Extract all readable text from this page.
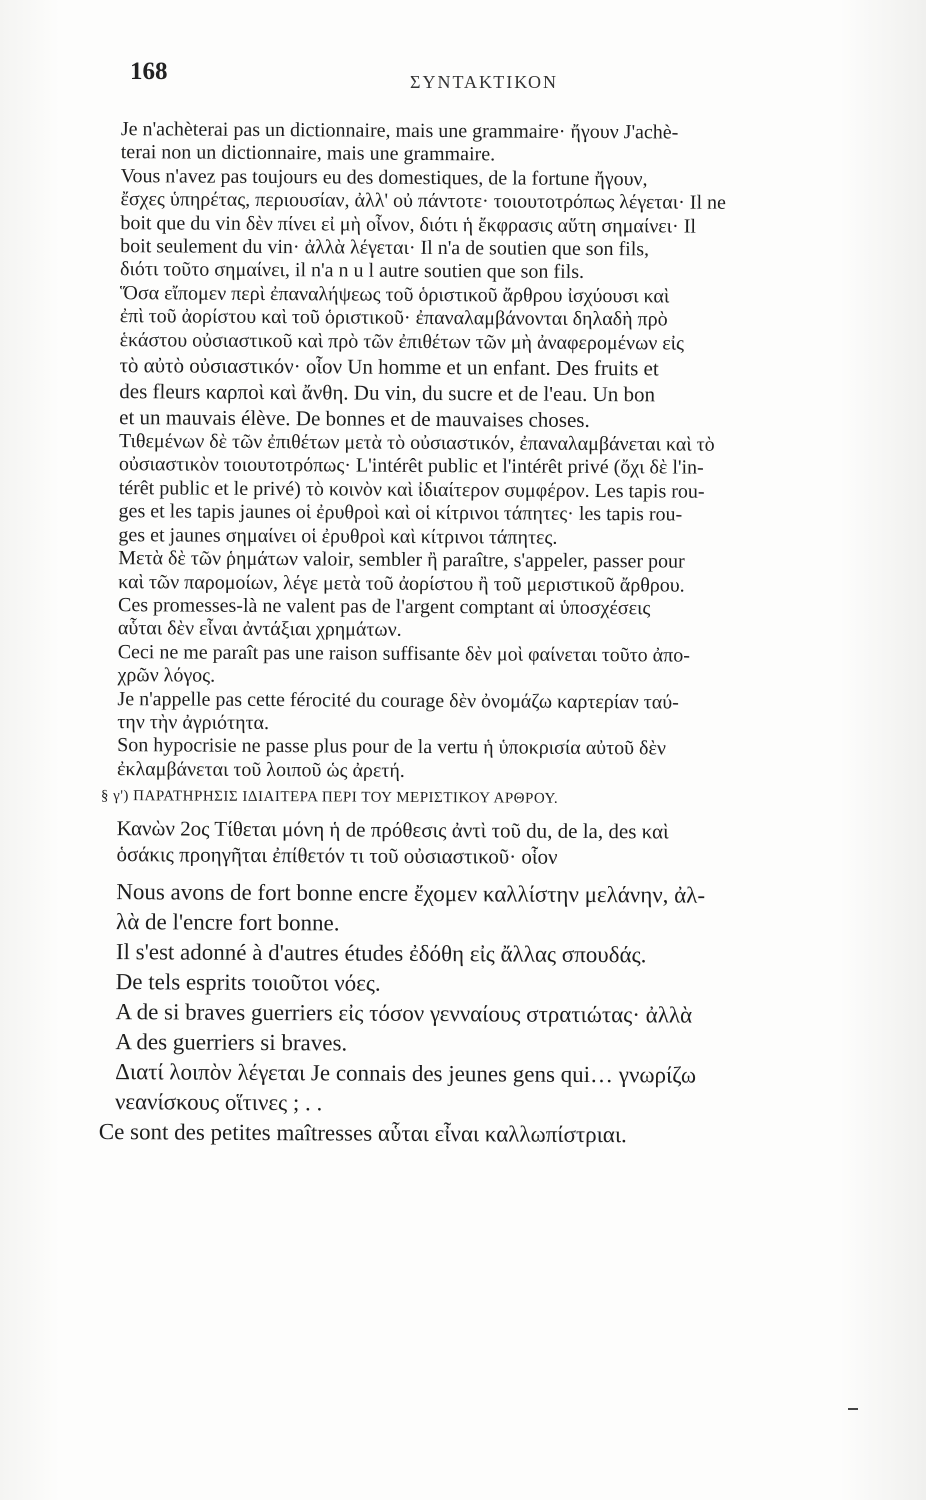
168	ΣΥΝΤΑΚΤΙΚΟΝ

Je n'achèterai pas un dictionnaire, mais une grammaire· ἤγουν J'achè-
terai non un dictionnaire, mais une grammaire.

Vous n'avez pas toujours eu des domestiques, de la fortune ἤγουν,
ἔσχες ὑπηρέτας, περιουσίαν, ἀλλ' οὐ πάντοτε· τοιουτοτρόπως λέγεται· Il ne
boit que du vin δὲν πίνει εἰ μὴ οἶνον, διότι ἡ ἔκφρασις αὕτη σημαίνει· Il
boit seulement du vin· ἀλλὰ λέγεται· Il n'a de soutien que son fils,
διότι τοῦτο σημαίνει, il n'a n u l autre soutien que son fils.

Ὅσα εἴπομεν περὶ ἐπαναλήψεως τοῦ ὁριστικοῦ ἄρθρου ἰσχύουσι καὶ
ἐπὶ τοῦ ἀορίστου καὶ τοῦ ὁριστικοῦ· ἐπαναλαμβάνονται δηλαδὴ πρὸ
ἑκάστου οὐσιαστικοῦ καὶ πρὸ τῶν ἐπιθέτων τῶν μὴ ἀναφερομένων εἰς
τὸ αὐτὸ οὐσιαστικόν· οἷον Un homme et un enfant. Des fruits et
des fleurs καρποὶ καὶ ἄνθη. Du vin, du sucre et de l'eau. Un bon
et un mauvais élève. De bonnes et de mauvaises choses.

Τιθεμένων δὲ τῶν ἐπιθέτων μετὰ τὸ οὐσιαστικόν, ἐπαναλαμβάνεται καὶ τὸ
οὐσιαστικὸν τοιουτοτρόπως· L'intérêt public et l'intérêt privé (ὄχι δὲ l'in-
térêt public et le privé) τὸ κοινὸν καὶ ἰδιαίτερον συμφέρον. Les tapis rou-
ges et les tapis jaunes οἱ ἐρυθροὶ καὶ οἱ κίτρινοι τάπητες· les tapis rou-
ges et jaunes σημαίνει οἱ ἐρυθροὶ καὶ κίτρινοι τάπητες.

Μετὰ δὲ τῶν ῥημάτων valoir, sembler ἢ paraître, s'appeler, passer pour
καὶ τῶν παρομοίων, λέγε μετὰ τοῦ ἀορίστου ἢ τοῦ μεριστικοῦ ἄρθρου.

Ces promesses-là ne valent pas de l'argent comptant αἱ ὑποσχέσεις
αὗται δὲν εἶναι ἀντάξιαι χρημάτων.

Ceci ne me paraît pas une raison suffisante δὲν μοὶ φαίνεται τοῦτο ἀπο-
χρῶν λόγος.

Je n'appelle pas cette férocité du courage δὲν ὀνομάζω καρτερίαν ταύ-
την τὴν ἀγριότητα.

Son hypocrisie ne passe plus pour de la vertu ἡ ὑποκρισία αὐτοῦ δὲν
ἐκλαμβάνεται τοῦ λοιποῦ ὡς ἀρετή.

§ γ') ΠΑΡΑΤΗΡΗΣΙΣ ΙΔΙΑΙΤΕΡΑ ΠΕΡΙ ΤΟΥ ΜΕΡΙΣΤΙΚΟΥ ΑΡΘΡΟΥ.

Κανὼν 2ος Τίθεται μόνη ἡ de πρόθεσις ἀντὶ τοῦ du, de la, des καὶ
ὁσάκις προηγῆται ἐπίθετόν τι τοῦ οὐσιαστικοῦ· οἷον

Nous avons de fort bonne encre ἔχομεν καλλίστην μελάνην, ἀλ-
λὰ de l'encre fort bonne.

Il s'est adonné à d'autres études ἐδόθη εἰς ἄλλας σπουδάς.

De tels esprits τοιοῦτοι νόες.

A de si braves guerriers εἰς τόσον γενναίους στρατιώτας· ἀλλὰ
A des guerriers si braves.

Διατί λοιπὸν λέγεται Je connais des jeunes gens qui… γνωρίζω
νεανίσκους οἵτινες ; . .

Ce sont des petites maîtresses αὗται εἶναι καλλωπίστριαι.
